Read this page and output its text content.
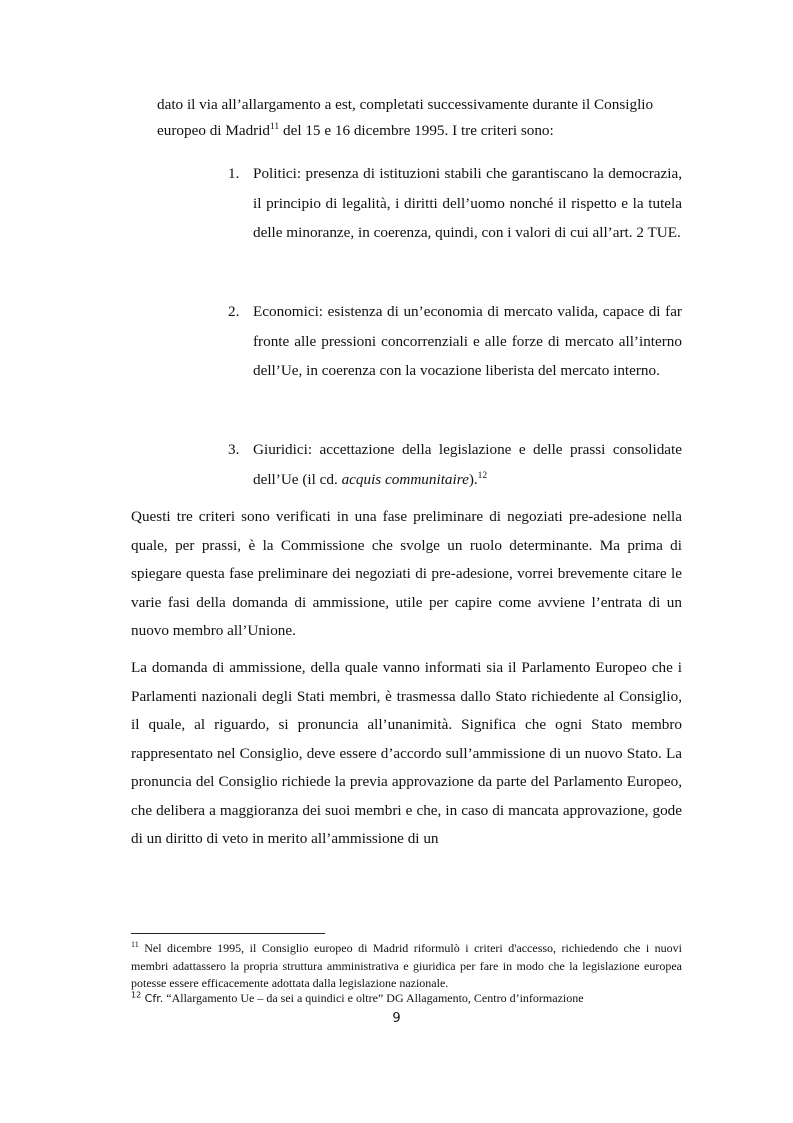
dato il via all’allargamento a est, completati successivamente durante il Consiglio europeo di Madrid$^{11}$ del 15 e 16 dicembre 1995. I tre criteri sono:

1. Politici: presenza di istituzioni stabili che garantiscano la democrazia, il principio di legalità, i diritti dell’uomo nonché il rispetto e la tutela delle minoranze, in coerenza, quindi, con i valori di cui all’art. 2 TUE.
2. Economici: esistenza di un’economia di mercato valida, capace di far fronte alle pressioni concorrenziali e alle forze di mercato all’interno dell’Ue, in coerenza con la vocazione liberista del mercato interno.
3. Giuridici: accettazione della legislazione e delle prassi consolidate dell’Ue (il cd. acquis communitaire).$^{12}$

Questi tre criteri sono verificati in una fase preliminare di negoziati pre-adesione nella quale, per prassi, è la Commissione che svolge un ruolo determinante. Ma prima di spiegare questa fase preliminare dei negoziati di pre-adesione, vorrei brevemente citare le varie fasi della domanda di ammissione, utile per capire come avviene l’entrata di un nuovo membro all’Unione.

La domanda di ammissione, della quale vanno informati sia il Parlamento Europeo che i Parlamenti nazionali degli Stati membri, è trasmessa dallo Stato richiedente al Consiglio, il quale, al riguardo, si pronuncia all’unanimità. Significa che ogni Stato membro rappresentato nel Consiglio, deve essere d’accordo sull’ammissione di un nuovo Stato. La pronuncia del Consiglio richiede la previa approvazione da parte del Parlamento Europeo, che delibera a maggioranza dei suoi membri e che, in caso di mancata approvazione, gode di un diritto di veto in merito all’ammissione di un

$^{11}$ Nel dicembre 1995, il Consiglio europeo di Madrid riformulò i criteri d'accesso, richiedendo che i nuovi membri adattassero la propria struttura amministrativa e giuridica per fare in modo che la legislazione europea potesse essere efficacemente adottata dalla legislazione nazionale.

$^{12}$ Cfr. “Allargamento Ue – da sei a quindici e oltre” DG Allagamento, Centro d’informazione

9
